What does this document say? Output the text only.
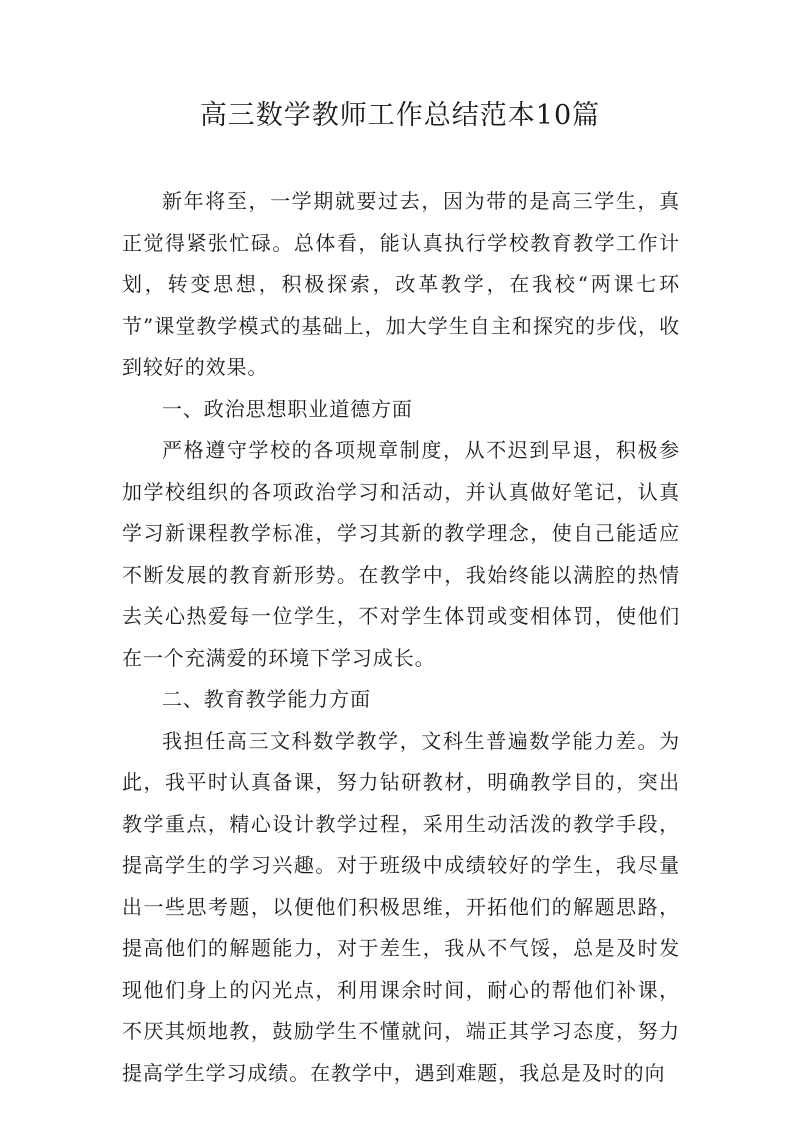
高三数学教师工作总结范本10篇

新年将至，一学期就要过去，因为带的是高三学生，真正觉得紧张忙碌。总体看，能认真执行学校教育教学工作计划，转变思想，积极探索，改革教学，在我校“两课七环节”课堂教学模式的基础上，加大学生自主和探究的步伐，收到较好的效果。

一、政治思想职业道德方面

严格遵守学校的各项规章制度，从不迟到早退，积极参加学校组织的各项政治学习和活动，并认真做好笔记，认真学习新课程教学标准，学习其新的教学理念，使自己能适应不断发展的教育新形势。在教学中，我始终能以满腔的热情去关心热爱每一位学生，不对学生体罚或变相体罚，使他们在一个充满爱的环境下学习成长。

二、教育教学能力方面

我担任高三文科数学教学，文科生普遍数学能力差。为此，我平时认真备课，努力钻研教材，明确教学目的，突出教学重点，精心设计教学过程，采用生动活泼的教学手段，提高学生的学习兴趣。对于班级中成绩较好的学生，我尽量出一些思考题，以便他们积极思维，开拓他们的解题思路，提高他们的解题能力，对于差生，我从不气馁，总是及时发现他们身上的闪光点，利用课余时间，耐心的帮他们补课，不厌其烦地教，鼓励学生不懂就问，端正其学习态度，努力提高学生学习成绩。在教学中，遇到难题，我总是及时的向
